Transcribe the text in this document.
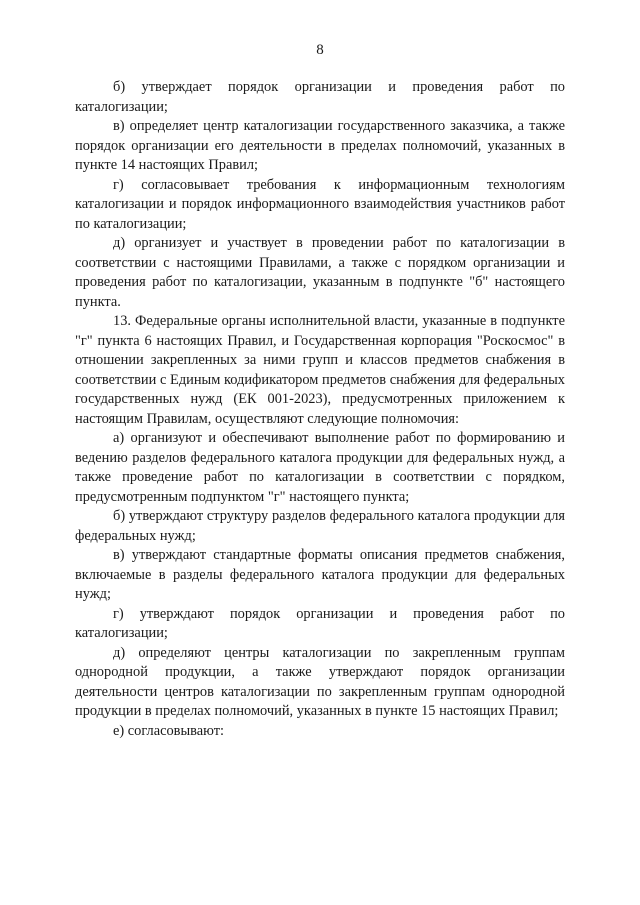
8

б) утверждает порядок организации и проведения работ по каталогизации;

в) определяет центр каталогизации государственного заказчика, а также порядок организации его деятельности в пределах полномочий, указанных в пункте 14 настоящих Правил;

г) согласовывает требования к информационным технологиям каталогизации и порядок информационного взаимодействия участников работ по каталогизации;

д) организует и участвует в проведении работ по каталогизации в соответствии с настоящими Правилами, а также с порядком организации и проведения работ по каталогизации, указанным в подпункте "б" настоящего пункта.

13. Федеральные органы исполнительной власти, указанные в подпункте "г" пункта 6 настоящих Правил, и Государственная корпорация "Роскосмос" в отношении закрепленных за ними групп и классов предметов снабжения в соответствии с Единым кодификатором предметов снабжения для федеральных государственных нужд (ЕК 001-2023), предусмотренных приложением к настоящим Правилам, осуществляют следующие полномочия:

а) организуют и обеспечивают выполнение работ по формированию и ведению разделов федерального каталога продукции для федеральных нужд, а также проведение работ по каталогизации в соответствии с порядком, предусмотренным подпунктом "г" настоящего пункта;

б) утверждают структуру разделов федерального каталога продукции для федеральных нужд;

в) утверждают стандартные форматы описания предметов снабжения, включаемые в разделы федерального каталога продукции для федеральных нужд;

г) утверждают порядок организации и проведения работ по каталогизации;

д) определяют центры каталогизации по закрепленным группам однородной продукции, а также утверждают порядок организации деятельности центров каталогизации по закрепленным группам однородной продукции в пределах полномочий, указанных в пункте 15 настоящих Правил;

е) согласовывают:
